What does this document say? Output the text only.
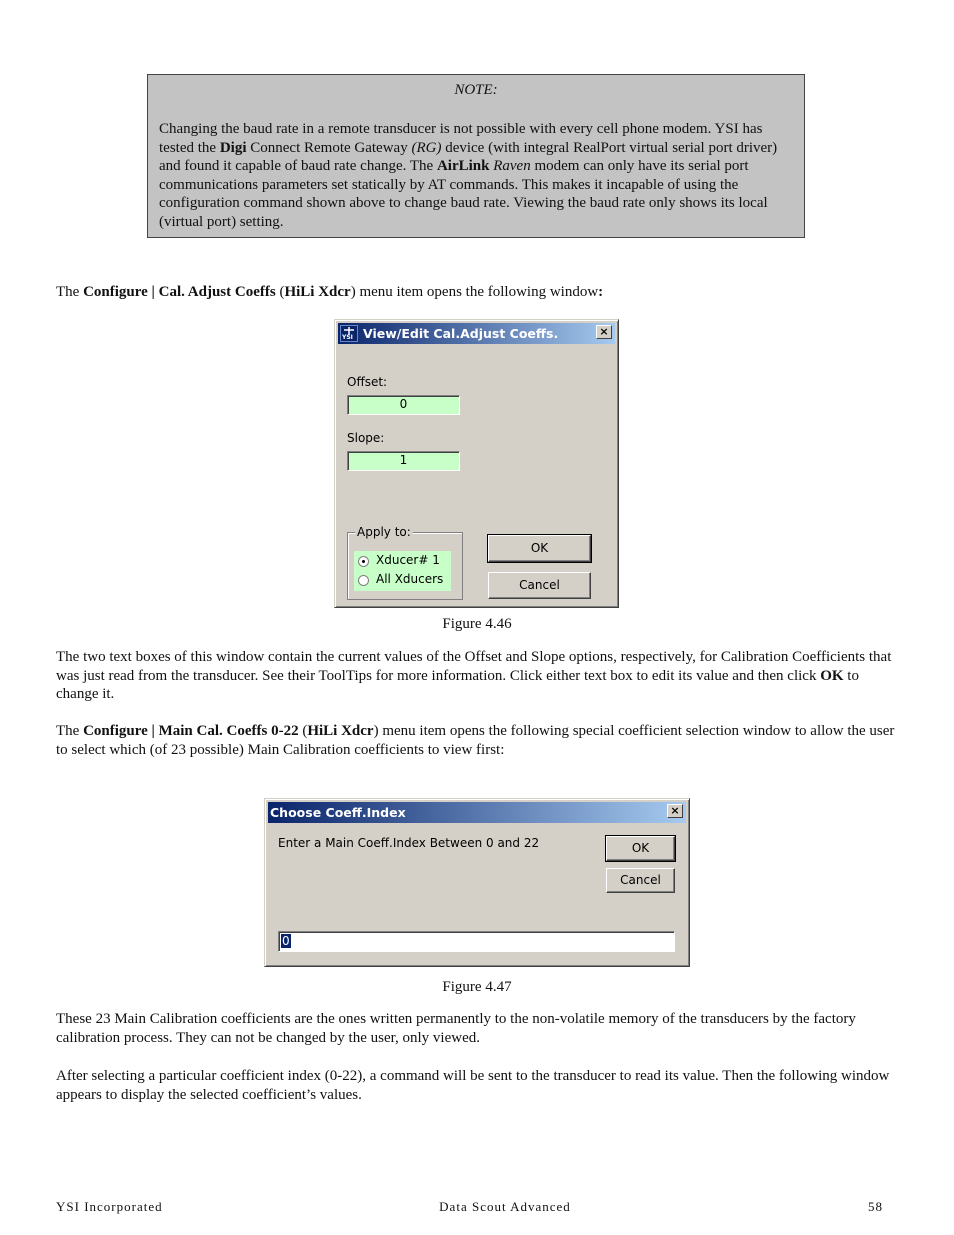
NOTE:
Changing the baud rate in a remote transducer is not possible with every cell phone modem. YSI has tested the Digi Connect Remote Gateway (RG) device (with integral RealPort virtual serial port driver) and found it capable of baud rate change. The AirLink Raven modem can only have its serial port communications parameters set statically by AT commands. This makes it incapable of using the configuration command shown above to change baud rate. Viewing the baud rate only shows its local (virtual port) setting.
The Configure | Cal. Adjust Coeffs (HiLi Xdcr) menu item opens the following window:
YSI View/Edit Cal.Adjust Coeffs.	×
Offset:
0
Slope:
1
Apply to:
Xducer# 1
All Xducers
OK
Cancel
Figure 4.46
The two text boxes of this window contain the current values of the Offset and Slope options, respectively, for Calibration Coefficients that was just read from the transducer. See their ToolTips for more information. Click either text box to edit its value and then click OK to change it.
The Configure | Main Cal. Coeffs 0-22 (HiLi Xdcr) menu item opens the following special coefficient selection window to allow the user to select which (of 23 possible) Main Calibration coefficients to view first:
Choose Coeff.Index	×
Enter a Main Coeff.Index Between 0 and 22	OK
Cancel
0
Figure 4.47
These 23 Main Calibration coefficients are the ones written permanently to the non-volatile memory of the transducers by the factory calibration process. They can not be changed by the user, only viewed.
After selecting a particular coefficient index (0-22), a command will be sent to the transducer to read its value. Then the following window appears to display the selected coefficient’s values.
YSI Incorporated	Data Scout Advanced	58
